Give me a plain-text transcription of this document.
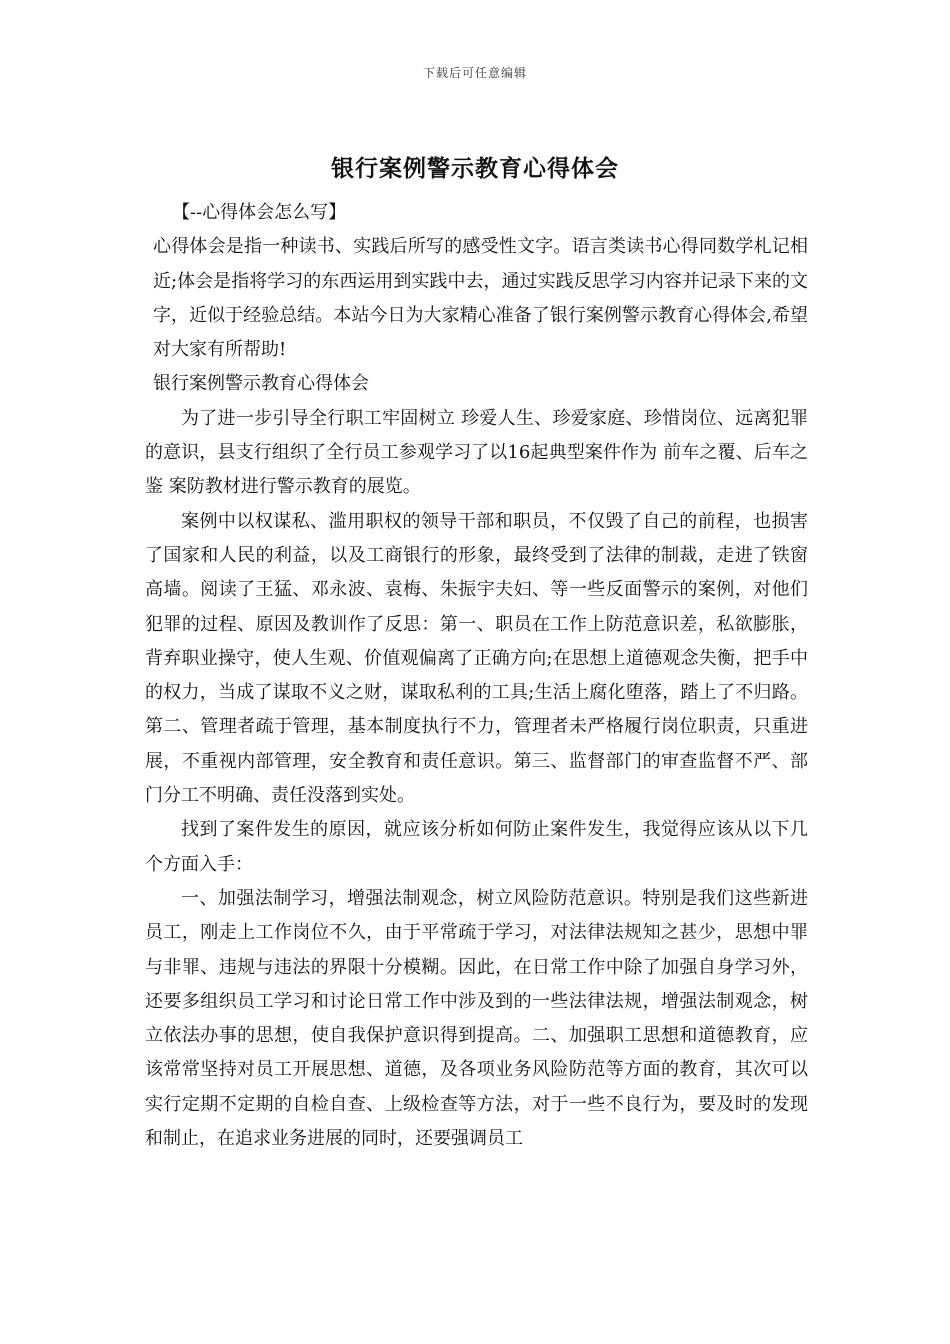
下载后可任意编辑
银行案例警示教育心得体会

【--心得体会怎么写】

心得体会是指一种读书、实践后所写的感受性文字。语言类读书心得同数学札记相近;体会是指将学习的东西运用到实践中去，通过实践反思学习内容并记录下来的文字，近似于经验总结。本站今日为大家精心准备了银行案例警示教育心得体会,希望对大家有所帮助!

银行案例警示教育心得体会

为了进一步引导全行职工牢固树立 珍爱人生、珍爱家庭、珍惜岗位、远离犯罪 的意识，县支行组织了全行员工参观学习了以16起典型案件作为 前车之覆、后车之鉴 案防教材进行警示教育的展览。

案例中以权谋私、滥用职权的领导干部和职员，不仅毁了自己的前程，也损害了国家和人民的利益，以及工商银行的形象，最终受到了法律的制裁，走进了铁窗高墙。阅读了王猛、邓永波、袁梅、朱振宇夫妇、等一些反面警示的案例，对他们犯罪的过程、原因及教训作了反思：第一、职员在工作上防范意识差，私欲膨胀，背弃职业操守，使人生观、价值观偏离了正确方向;在思想上道德观念失衡，把手中的权力，当成了谋取不义之财，谋取私利的工具;生活上腐化堕落，踏上了不归路。第二、管理者疏于管理，基本制度执行不力，管理者未严格履行岗位职责，只重进展，不重视内部管理，安全教育和责任意识。第三、监督部门的审查监督不严、部门分工不明确、责任没落到实处。

找到了案件发生的原因，就应该分析如何防止案件发生，我觉得应该从以下几个方面入手：

一、加强法制学习，增强法制观念，树立风险防范意识。特别是我们这些新进员工，刚走上工作岗位不久，由于平常疏于学习，对法律法规知之甚少，思想中罪与非罪、违规与违法的界限十分模糊。因此，在日常工作中除了加强自身学习外，还要多组织员工学习和讨论日常工作中涉及到的一些法律法规，增强法制观念，树立依法办事的思想，使自我保护意识得到提高。二、加强职工思想和道德教育，应该常常坚持对员工开展思想、道德，及各项业务风险防范等方面的教育，其次可以实行定期不定期的自检自查、上级检查等方法，对于一些不良行为，要及时的发现和制止，在追求业务进展的同时，还要强调员工
